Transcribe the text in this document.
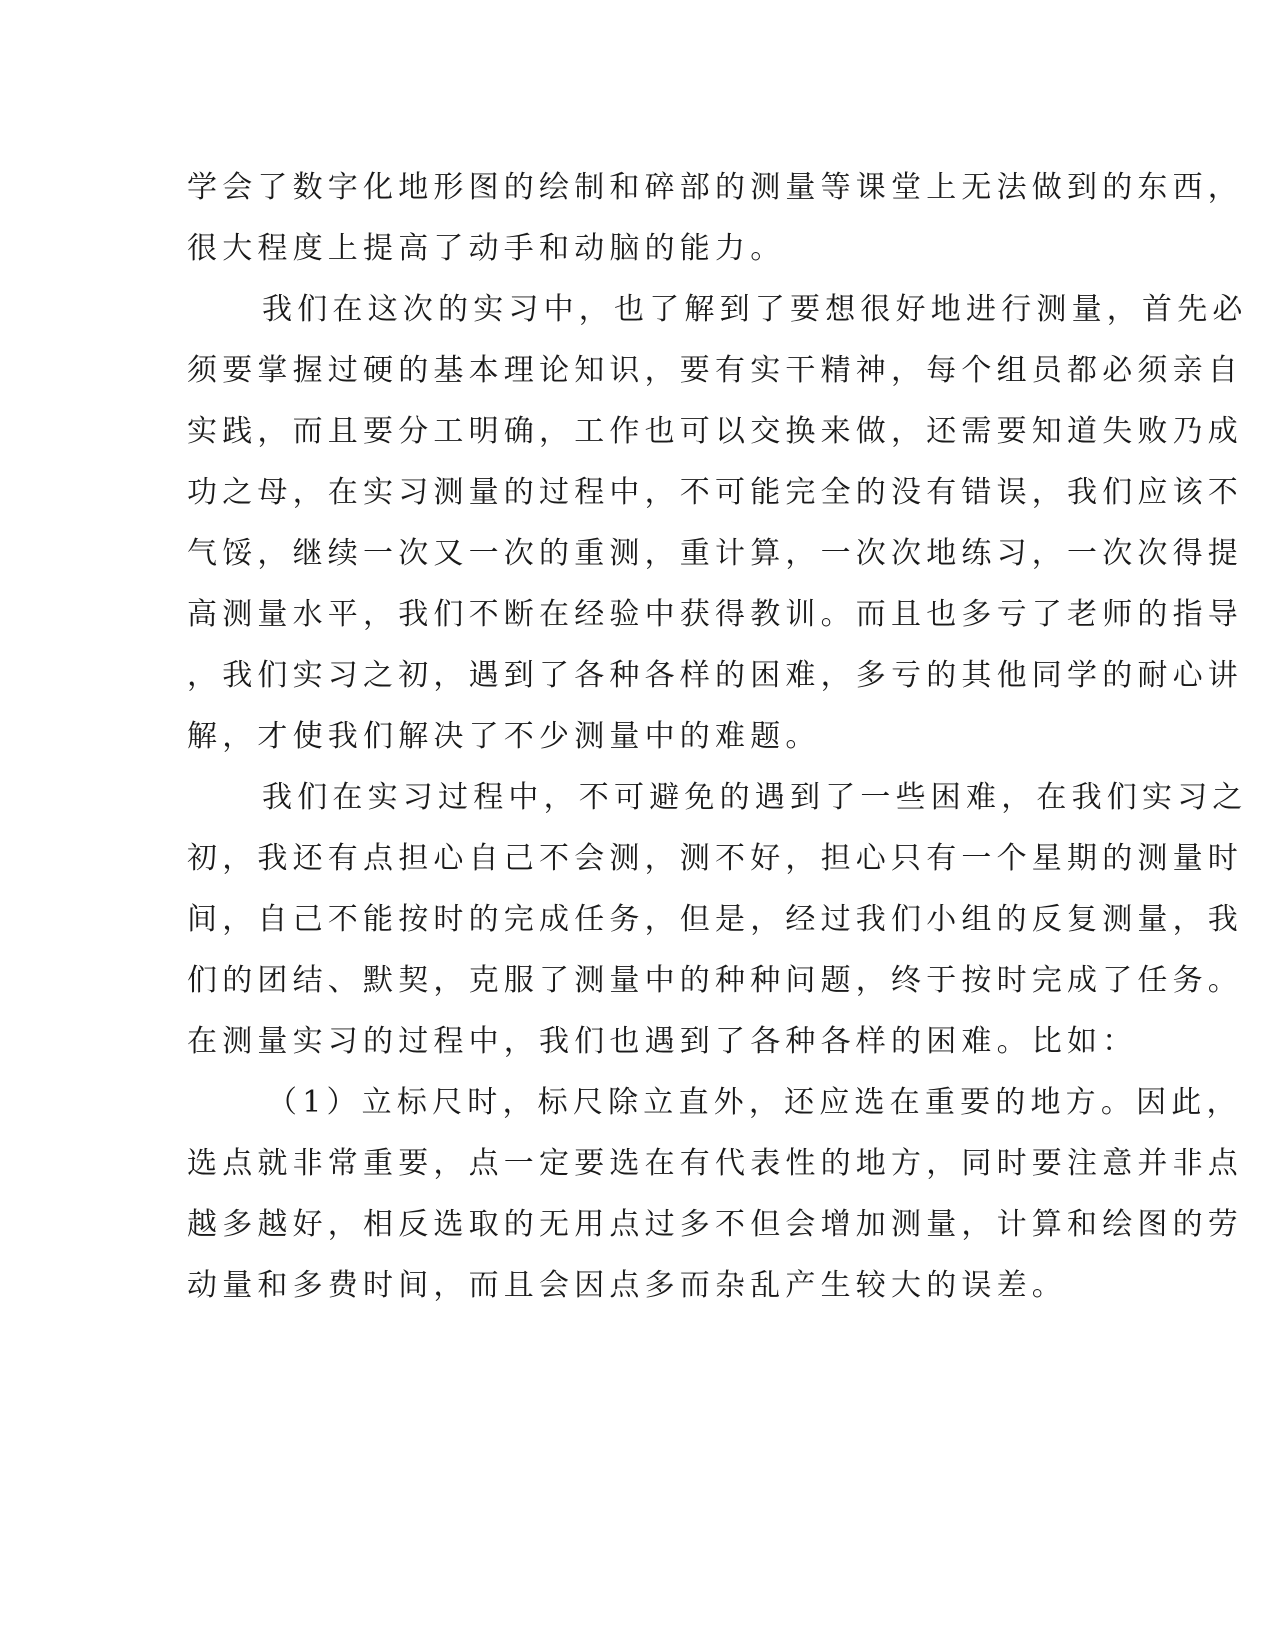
学会了数字化地形图的绘制和碎部的测量等课堂上无法做到的东西，
很大程度上提高了动手和动脑的能力。
我们在这次的实习中，也了解到了要想很好地进行测量，首先必
须要掌握过硬的基本理论知识，要有实干精神，每个组员都必须亲自
实践，而且要分工明确，工作也可以交换来做，还需要知道失败乃成
功之母，在实习测量的过程中，不可能完全的没有错误，我们应该不
气馁，继续一次又一次的重测，重计算，一次次地练习，一次次得提
高测量水平，我们不断在经验中获得教训。而且也多亏了老师的指导
，我们实习之初，遇到了各种各样的困难，多亏的其他同学的耐心讲
解，才使我们解决了不少测量中的难题。
我们在实习过程中，不可避免的遇到了一些困难，在我们实习之
初，我还有点担心自己不会测，测不好，担心只有一个星期的测量时
间，自己不能按时的完成任务，但是，经过我们小组的反复测量，我
们的团结、默契，克服了测量中的种种问题，终于按时完成了任务。
在测量实习的过程中，我们也遇到了各种各样的困难。比如：
（1）立标尺时，标尺除立直外，还应选在重要的地方。因此，
选点就非常重要，点一定要选在有代表性的地方，同时要注意并非点
越多越好，相反选取的无用点过多不但会增加测量，计算和绘图的劳
动量和多费时间，而且会因点多而杂乱产生较大的误差。
